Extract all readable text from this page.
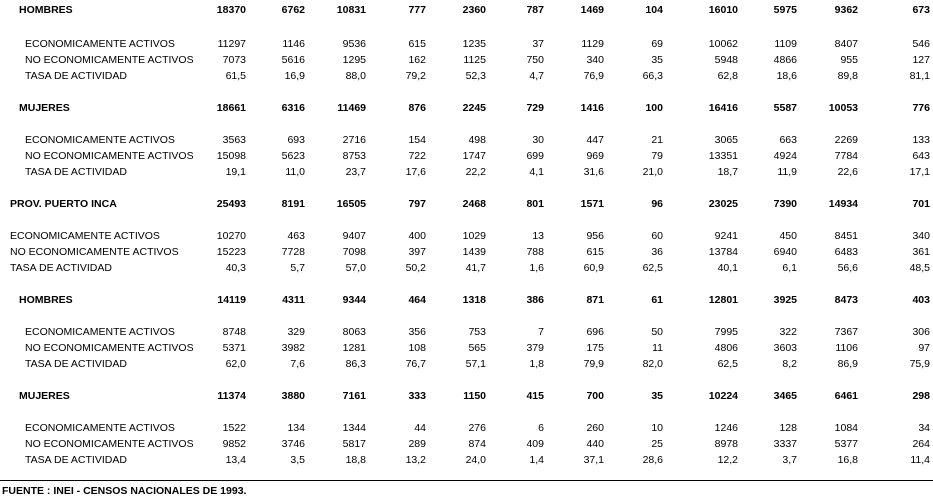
HOMBRES	18370	6762	10831	777	2360	787	1469	104	16010	5975	9362	673
ECONOMICAMENTE ACTIVOS	11297	1146	9536	615	1235	37	1129	69	10062	1109	8407	546
NO ECONOMICAMENTE ACTIVOS	7073	5616	1295	162	1125	750	340	35	5948	4866	955	127
TASA DE ACTIVIDAD	61,5	16,9	88,0	79,2	52,3	4,7	76,9	66,3	62,8	18,6	89,8	81,1
MUJERES	18661	6316	11469	876	2245	729	1416	100	16416	5587	10053	776
ECONOMICAMENTE ACTIVOS	3563	693	2716	154	498	30	447	21	3065	663	2269	133
NO ECONOMICAMENTE ACTIVOS 15098	5623	8753	722	1747	699	969	79	13351	4924	7784	643
TASA DE ACTIVIDAD	19,1	11,0	23,7	17,6	22,2	4,1	31,6	21,0	18,7	11,9	22,6	17,1
PROV. PUERTO INCA	25493	8191	16505	797	2468	801	1571	96	23025	7390	14934	701
ECONOMICAMENTE ACTIVOS	10270	463	9407	400	1029	13	956	60	9241	450	8451	340
NO ECONOMICAMENTE ACTIVOS	15223	7728	7098	397	1439	788	615	36	13784	6940	6483	361
TASA DE ACTIVIDAD	40,3	5,7	57,0	50,2	41,7	1,6	60,9	62,5	40,1	6,1	56,6	48,5
HOMBRES	14119	4311	9344	464	1318	386	871	61	12801	3925	8473	403
ECONOMICAMENTE ACTIVOS	8748	329	8063	356	753	7	696	50	7995	322	7367	306
NO ECONOMICAMENTE ACTIVOS	5371	3982	1281	108	565	379	175	11	4806	3603	1106	97
TASA DE ACTIVIDAD	62,0	7,6	86,3	76,7	57,1	1,8	79,9	82,0	62,5	8,2	86,9	75,9
MUJERES	11374	3880	7161	333	1150	415	700	35	10224	3465	6461	298
ECONOMICAMENTE ACTIVOS	1522	134	1344	44	276	6	260	10	1246	128	1084	34
NO ECONOMICAMENTE ACTIVOS	9852	3746	5817	289	874	409	440	25	8978	3337	5377	264
TASA DE ACTIVIDAD	13,4	3,5	18,8	13,2	24,0	1,4	37,1	28,6	12,2	3,7	16,8	11,4
FUENTE : INEI - CENSOS NACIONALES DE 1993.
